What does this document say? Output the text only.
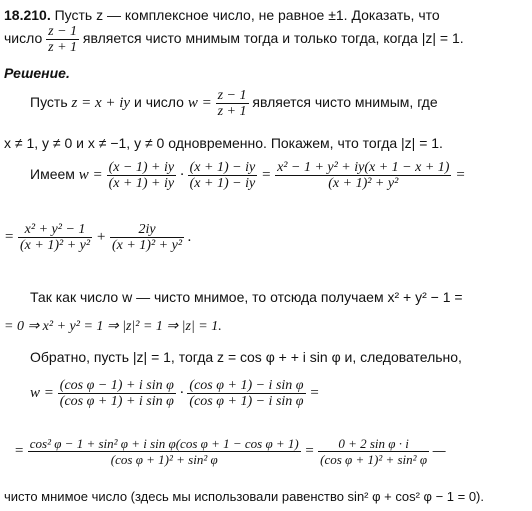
18.210. Пусть z — комплексное число, не равное ±1. Доказать, что
число $\frac{z - 1}{z + 1}$ является чисто мнимым тогда и только тогда, когда |z| = 1.
Решение.
Пусть z = x + iy и число $w = \frac{z - 1}{z + 1}$ является чисто мнимым, где
x ≠ 1, y ≠ 0 и x ≠ −1, y ≠ 0 одновременно. Покажем, что тогда |z| = 1.
Имеем $w = \frac{(x - 1) + iy}{(x + 1) + iy} \cdot \frac{(x + 1) - iy}{(x + 1) - iy} = \frac{\text{x² − 1 + y² + iy(x + 1 − x + 1)}}{\text{(x + 1)² + y²}}$ =
= $\frac{\text{x² + y² − 1}}{\text{(x + 1)² + y²}} + \frac{2iy}{\text{(x + 1)² + y²}}$ .
Так как число w — чисто мнимое, то отсюда получаем x² + y² − 1 =
= 0 ⇒ x² + y² = 1 ⇒ |z|² = 1 ⇒ |z| = 1.
Обратно, пусть |z| = 1, тогда z = cos φ + + i sin φ и, следовательно,
$w = \frac{\text{(cos φ − 1) + i sin φ}}{\text{(cos φ + 1) + i sin φ}} \cdot \frac{\text{(cos φ + 1) − i sin φ}}{\text{(cos φ + 1) − i sin φ}}$ =
= $\frac{\text{cos² φ − 1 + sin² φ + i sin φ(cos φ + 1 − cos φ + 1)}}{\text{(cos φ + 1)² + sin² φ}} = \frac{\text{0 + 2 sin φ · i}}{\text{(cos φ + 1)² + sin² φ}}$ —
чисто мнимое число (здесь мы использовали равенство sin² φ + cos² φ − 1 = 0).
